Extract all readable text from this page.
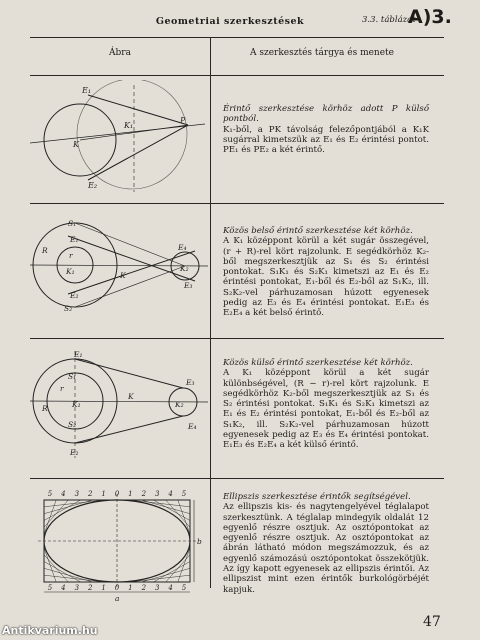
Geometriai szerkesztések	3.3. táblázat
A)3.
Ábra	A szerkesztés tárgya és menete
E₁
K₁
P
K
E₂

Érintő szerkesztése körhöz adott P külső pontból.

K₁-ből, a PK távolság felezőpontjából a K₁K sugárral kimetszük az E₁ és E₂ érintési pontot. PE₁ és PE₂ a két érintő.

S₁
E₁
R
r
K₁	K
E₄
K₂
E₃
E₂
S₂

Közös belső érintő szerkesztése két körhöz.

A K₁ középpont körül a két sugár összegével, (r + R)-rel kört rajzolunk. E segédkörhöz K₂-ből megszerkesztjük az S₁ és S₂ érintési pontokat. S₁K₁ és S₂K₁ kimetszi az E₁ és E₂ érintési pontokat, E₁-ből és E₂-ből az S₁K₂, ill. S₂K₂-vel párhuzamosan húzott egyenesek pedig az E₃ és E₄ érintési pontokat. E₁E₃ és E₂E₄ a két belső érintő.

E₁
S₁
r
R	K₁
K
E₃
K₂
E₄
S₂
E₂

Közös külső érintő szerkesztése két körhöz.

A K₁ középpont körül a két sugár különbségével, (R − r)-rel kört rajzolunk. E segédkörhöz K₂-ből megszerkesztjük az S₁ és S₂ érintési pontokat. S₁K₁ és S₂K₁ kimetszi az E₁ és E₂ érintési pontokat, E₁-ből és E₂-ből az S₁K₂, ill. S₂K₂-vel párhuzamosan húzott egyenesek pedig az E₃ és E₄ érintési pontokat. E₁E₃ és E₂E₄ a két külső érintő.

5 4 3 2 1 0 1 2 3 4 5
5 4 3 2 1 0 1 2 3 4 5
b
a

Ellipszis szerkesztése érintők segítségével.

Az ellipszis kis- és nagytengelyével téglalapot szerkesztünk. A téglalap mindegyik oldalát 12 egyenlő részre osztjuk. Az osztópontokat az egyenlő részre osztjuk. Az osztópontokat az ábrán látható módon megszámozzuk, és az egyenlő számozású osztópontokat összekötjük. Az így kapott egyenesek az ellipszis érintői. Az ellipszist mint ezen érintők burkológörbéjét kapjuk.

47
Antikvarium.hu
